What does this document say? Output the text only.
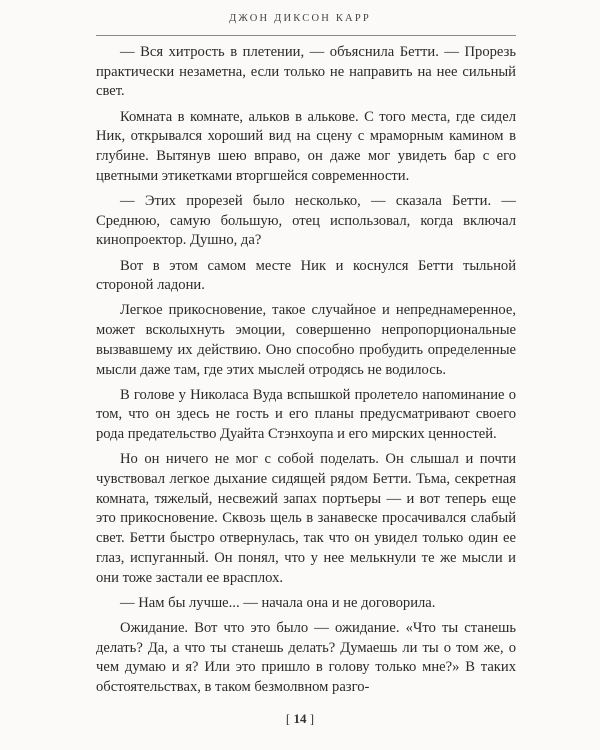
ДЖОН ДИКСОН КАРР

— Вся хитрость в плетении, — объяснила Бетти. — Прорезь практически незаметна, если только не направить на нее сильный свет.

Комната в комнате, альков в алькове. С того места, где сидел Ник, открывался хороший вид на сцену с мраморным камином в глубине. Вытянув шею вправо, он даже мог увидеть бар с его цветными этикетками вторгшейся современности.

— Этих прорезей было несколько, — сказала Бетти. — Среднюю, самую большую, отец использовал, когда включал кинопроектор. Душно, да?

Вот в этом самом месте Ник и коснулся Бетти тыльной стороной ладони.

Легкое прикосновение, такое случайное и непреднамеренное, может всколыхнуть эмоции, совершенно непропорциональные вызвавшему их действию. Оно способно пробудить определенные мысли даже там, где этих мыслей отродясь не водилось.

В голове у Николаса Вуда вспышкой пролетело напоминание о том, что он здесь не гость и его планы предусматривают своего рода предательство Дуайта Стэнхоупа и его мирских ценностей.

Но он ничего не мог с собой поделать. Он слышал и почти чувствовал легкое дыхание сидящей рядом Бетти. Тьма, секретная комната, тяжелый, несвежий запах портьеры — и вот теперь еще это прикосновение. Сквозь щель в занавеске просачивался слабый свет. Бетти быстро отвернулась, так что он увидел только один ее глаз, испуганный. Он понял, что у нее мелькнули те же мысли и они тоже застали ее врасплох.

— Нам бы лучше... — начала она и не договорила.

Ожидание. Вот что это было — ожидание. «Что ты станешь делать? Да, а что ты станешь делать? Думаешь ли ты о том же, о чем думаю и я? Или это пришло в голову только мне?» В таких обстоятельствах, в таком безмолвном разго-

[ 14 ]
